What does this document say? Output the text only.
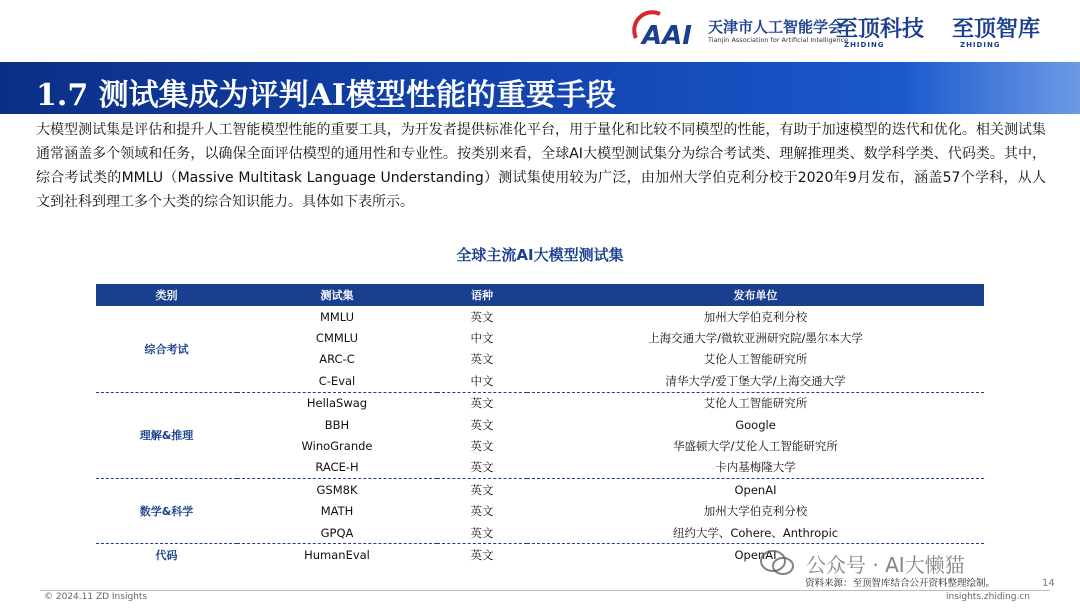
AAI 天津市人工智能学会
Tianjin Association for Artificial Intelligence
至顶科技
ZHIDING
至顶智库
ZHIDING
1.7 测试集成为评判AI模型性能的重要手段
大模型测试集是评估和提升人工智能模型性能的重要工具，为开发者提供标准化平台，用于量化和比较不同模型的性能，有助于加速模型的迭代和优化。相关测试集通常涵盖多个领域和任务，以确保全面评估模型的通用性和专业性。按类别来看，全球AI大模型测试集分为综合考试类、理解推理类、数学科学类、代码类。其中，综合考试类的MMLU（Massive Multitask Language Understanding）测试集使用较为广泛，由加州大学伯克利分校于2020年9月发布，涵盖57个学科，从人文到社科到理工多个大类的综合知识能力。具体如下表所示。
全球主流AI大模型测试集
类别	测试集	语种	发布单位
综合考试	MMLU	英文	加州大学伯克利分校
	CMMLU	中文	上海交通大学/微软亚洲研究院/墨尔本大学
	ARC-C	英文	艾伦人工智能研究所
	C-Eval	中文	清华大学/爱丁堡大学/上海交通大学
理解&推理	HellaSwag	英文	艾伦人工智能研究所
	BBH	英文	Google
	WinoGrande	英文	华盛顿大学/艾伦人工智能研究所
	RACE-H	英文	卡内基梅隆大学
数学&科学	GSM8K	英文	OpenAI
	MATH	英文	加州大学伯克利分校
	GPQA	英文	纽约大学、Cohere、Anthropic
代码	HumanEval	英文	OpenAI 公众号 · AI大懒猫
资料来源：至顶智库结合公开资料整理绘制。	14
© 2024.11 ZD Insights	insights.zhiding.cn
